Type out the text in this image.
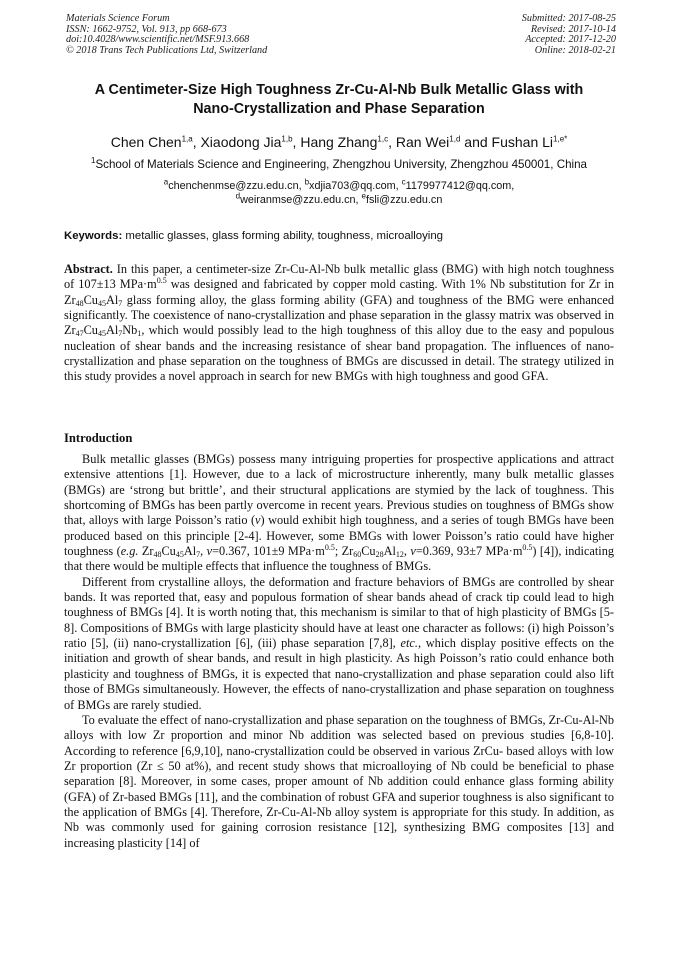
Materials Science Forum
ISSN: 1662-9752, Vol. 913, pp 668-673
doi:10.4028/www.scientific.net/MSF.913.668
© 2018 Trans Tech Publications Ltd, Switzerland
Submitted: 2017-08-25
Revised: 2017-10-14
Accepted: 2017-12-20
Online: 2018-02-21
A Centimeter-Size High Toughness Zr-Cu-Al-Nb Bulk Metallic Glass with
Nano-Crystallization and Phase Separation
Chen Chen$^{1,a}$, Xiaodong Jia$^{1,b}$, Hang Zhang$^{1,c}$, Ran Wei$^{1,d}$ and Fushan $Li^{1,e*}$
$^1$School of Materials Science and Engineering, Zhengzhou University, Zhengzhou 450001, China
$^a$chenchenmse@zzu.edu.cn, $^b$xdjia703@qq.com, $^c$1179977412@qq.com,
$^d$weiranmse@zzu.edu.cn, $^e$fsli@zzu.edu.cn
Keywords: metallic glasses, glass forming ability, toughness, microalloying

Abstract. In this paper, a centimeter-size Zr-Cu-Al-Nb bulk metallic glass (BMG) with high notch toughness of 107±13 $MPa\cdot m^{0.5}$ was designed and fabricated by copper mold casting. With 1% Nb substitution for Zr in $Zr_{48}Cu_{45}Al_7$ glass forming alloy, the glass forming ability (GFA) and toughness of the BMG were enhanced significantly. The coexistence of nano-crystallization and phase separation in the glassy matrix was observed in $Zr_{47}Cu_{45}Al_7Nb_1$, which would possibly lead to the high toughness of this alloy due to the easy and populous nucleation of shear bands and the increasing resistance of shear band propagation. The influences of nano-crystallization and phase separation on the toughness of BMGs are discussed in detail. The strategy utilized in this study provides a novel approach in search for new BMGs with high toughness and good GFA.

Introduction

Bulk metallic glasses (BMGs) possess many intriguing properties for prospective applications and attract extensive attentions [1]. However, due to a lack of microstructure inherently, many bulk metallic glasses (BMGs) are ‘strong but brittle’, and their structural applications are stymied by the lack of toughness. This shortcoming of BMGs has been partly overcome in recent years. Previous studies on toughness of BMGs show that, alloys with large Poisson’s ratio (v) would exhibit high toughness, and a series of tough BMGs have been produced based on this principle [2-4]. However, some BMGs with lower Poisson’s ratio could have higher toughness (e.g. $Zr_{48}Cu_{45}Al_7$, v=0.367, 101±9 $MPa\cdot m^{0.5}$; $Zr_{60}Cu_{28}Al_{12}$, v=0.369, 93±7 $MPa\cdot m^{0.5}$) [4]), indicating that there would be multiple effects that influence the toughness of BMGs.

Different from crystalline alloys, the deformation and fracture behaviors of BMGs are controlled by shear bands. It was reported that, easy and populous formation of shear bands ahead of crack tip could lead to high toughness of BMGs [4]. It is worth noting that, this mechanism is similar to that of high plasticity of BMGs [5-8]. Compositions of BMGs with large plasticity should have at least one character as follows: (i) high Poisson’s ratio [5], (ii) nano-crystallization [6], (iii) phase separation [7,8], etc., which display positive effects on the initiation and growth of shear bands, and result in high plasticity. As high Poisson’s ratio could enhance both plasticity and toughness of BMGs, it is expected that nano-crystallization and phase separation could also lift those of BMGs simultaneously. However, the effects of nano-crystallization and phase separation on toughness of BMGs are rarely studied.

To evaluate the effect of nano-crystallization and phase separation on the toughness of BMGs, Zr-Cu-Al-Nb alloys with low Zr proportion and minor Nb addition was selected based on previous studies [6,8-10]. According to reference [6,9,10], nano-crystallization could be observed in various ZrCu- based alloys with low Zr proportion (Zr ≤ 50 at%), and recent study shows that microalloying of Nb could be beneficial to phase separation [8]. Moreover, in some cases, proper amount of Nb addition could enhance glass forming ability (GFA) of Zr-based BMGs [11], and the combination of robust GFA and superior toughness is also significant to the application of BMGs [4]. Therefore, Zr-Cu-Al-Nb alloy system is appropriate for this study. In addition, as Nb was commonly used for gaining corrosion resistance [12], synthesizing BMG composites [13] and increasing plasticity [14] of
